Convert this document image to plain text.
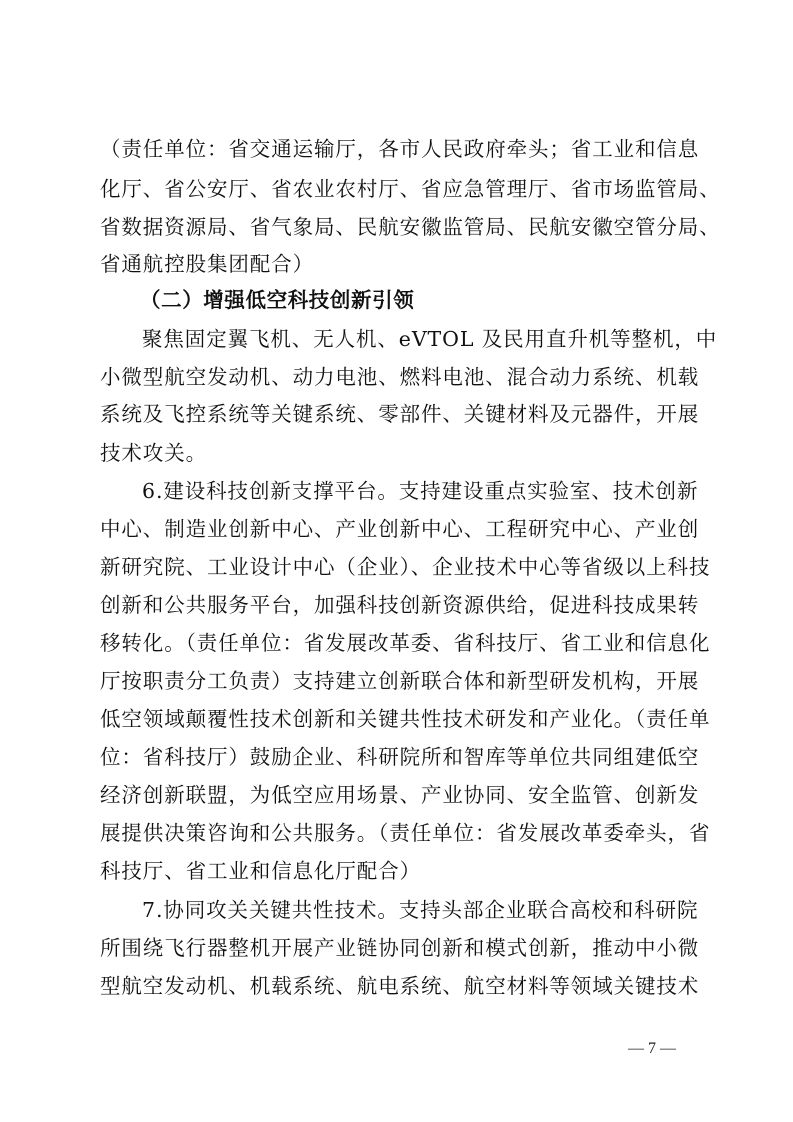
（责任单位：省交通运输厅，各市人民政府牵头；省工业和信息
化厅、省公安厅、省农业农村厅、省应急管理厅、省市场监管局、
省数据资源局、省气象局、民航安徽监管局、民航安徽空管分局、
省通航控股集团配合）
（二）增强低空科技创新引领
聚焦固定翼飞机、无人机、eVTOL 及民用直升机等整机，中
小微型航空发动机、动力电池、燃料电池、混合动力系统、机载
系统及飞控系统等关键系统、零部件、关键材料及元器件，开展
技术攻关。
6.建设科技创新支撑平台。支持建设重点实验室、技术创新
中心、制造业创新中心、产业创新中心、工程研究中心、产业创
新研究院、工业设计中心（企业）、企业技术中心等省级以上科技
创新和公共服务平台，加强科技创新资源供给，促进科技成果转
移转化。（责任单位：省发展改革委、省科技厅、省工业和信息化
厅按职责分工负责）支持建立创新联合体和新型研发机构，开展
低空领域颠覆性技术创新和关键共性技术研发和产业化。（责任单
位：省科技厅）鼓励企业、科研院所和智库等单位共同组建低空
经济创新联盟，为低空应用场景、产业协同、安全监管、创新发
展提供决策咨询和公共服务。（责任单位：省发展改革委牵头，省
科技厅、省工业和信息化厅配合）
7.协同攻关关键共性技术。支持头部企业联合高校和科研院
所围绕飞行器整机开展产业链协同创新和模式创新，推动中小微
型航空发动机、机载系统、航电系统、航空材料等领域关键技术
— 7 —
